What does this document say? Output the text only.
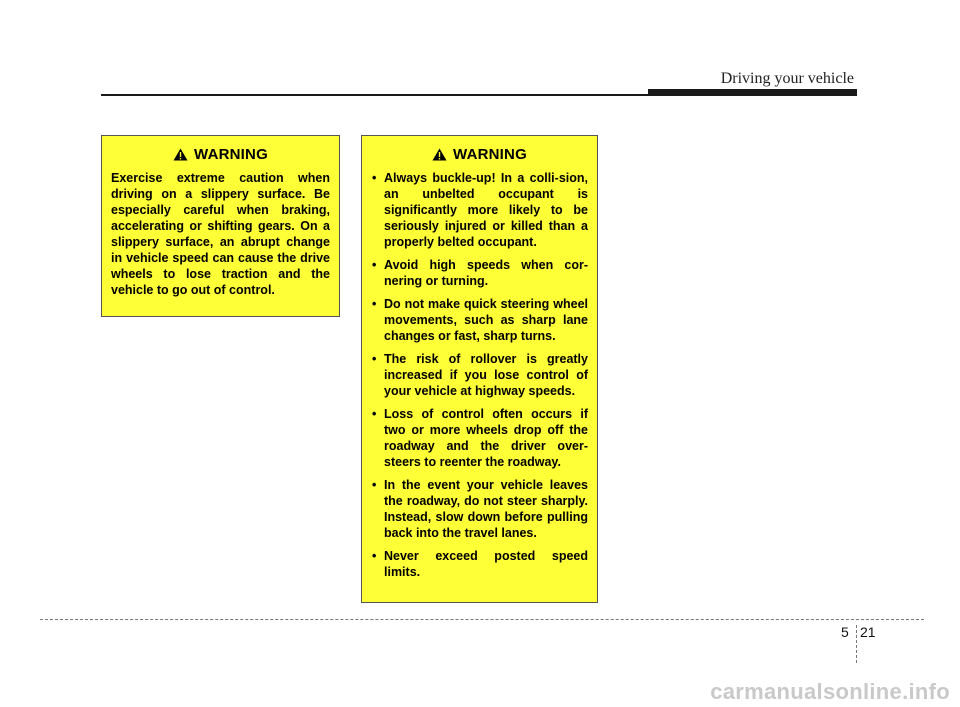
Driving your vehicle
WARNING

Exercise extreme caution when driving on a slippery surface. Be especially careful when braking, accelerating or shifting gears. On a slippery surface, an abrupt change in vehicle speed can cause the drive wheels to lose traction and the vehicle to go out of control.

WARNING
• Always buckle-up! In a colli-sion, an unbelted occupant is significantly more likely to be seriously injured or killed than a properly belted occupant.
• Avoid high speeds when cor-nering or turning.
• Do not make quick steering wheel movements, such as sharp lane changes or fast, sharp turns.
• The risk of rollover is greatly increased if you lose control of your vehicle at highway speeds.
• Loss of control often occurs if two or more wheels drop off the roadway and the driver over-steers to reenter the roadway.
• In the event your vehicle leaves the roadway, do not steer sharply. Instead, slow down before pulling back into the travel lanes.
• Never exceed posted speed limits.
5 21
carmanualsonline.info
